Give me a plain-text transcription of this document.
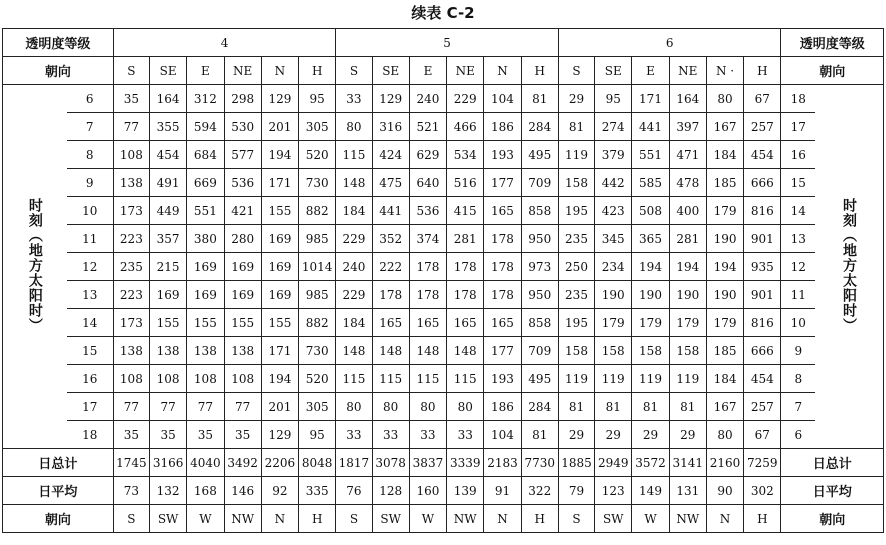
续表 C-2
透明度等级		4						5						6						透明度等级	
朝向		S	SE	E	NE	N	H	S	SE	E	NE	N	H	S	SE	E	NE	N ·	H	朝向	
时刻（地方太阳时）	6	35	164	312	298	129	95	33	129	240	229	104	81	29	95	171	164	80	67	18	时刻（地方太阳时）
	7	77	355	594	530	201	305	80	316	521	466	186	284	81	274	441	397	167	257	17	
	8	108	454	684	577	194	520	115	424	629	534	193	495	119	379	551	471	184	454	16	
	9	138	491	669	536	171	730	148	475	640	516	177	709	158	442	585	478	185	666	15	
	10	173	449	551	421	155	882	184	441	536	415	165	858	195	423	508	400	179	816	14	
	11	223	357	380	280	169	985	229	352	374	281	178	950	235	345	365	281	190	901	13	
	12	235	215	169	169	169	1014	240	222	178	178	178	973	250	234	194	194	194	935	12	
	13	223	169	169	169	169	985	229	178	178	178	178	950	235	190	190	190	190	901	11	
	14	173	155	155	155	155	882	184	165	165	165	165	858	195	179	179	179	179	816	10	
	15	138	138	138	138	171	730	148	148	148	148	177	709	158	158	158	158	185	666	9	
	16	108	108	108	108	194	520	115	115	115	115	193	495	119	119	119	119	184	454	8	
	17	77	77	77	77	201	305	80	80	80	80	186	284	81	81	81	81	167	257	7	
	18	35	35	35	35	129	95	33	33	33	33	104	81	29	29	29	29	80	67	6	
日总计		1745	3166	4040	3492	2206	8048	1817	3078	3837	3339	2183	7730	1885	2949	3572	3141	2160	7259	日总计	
日平均		73	132	168	146	92	335	76	128	160	139	91	322	79	123	149	131	90	302	日平均	
朝向		S	SW	W	NW	N	H	S	SW	W	NW	N	H	S	SW	W	NW	N	H	朝向	
